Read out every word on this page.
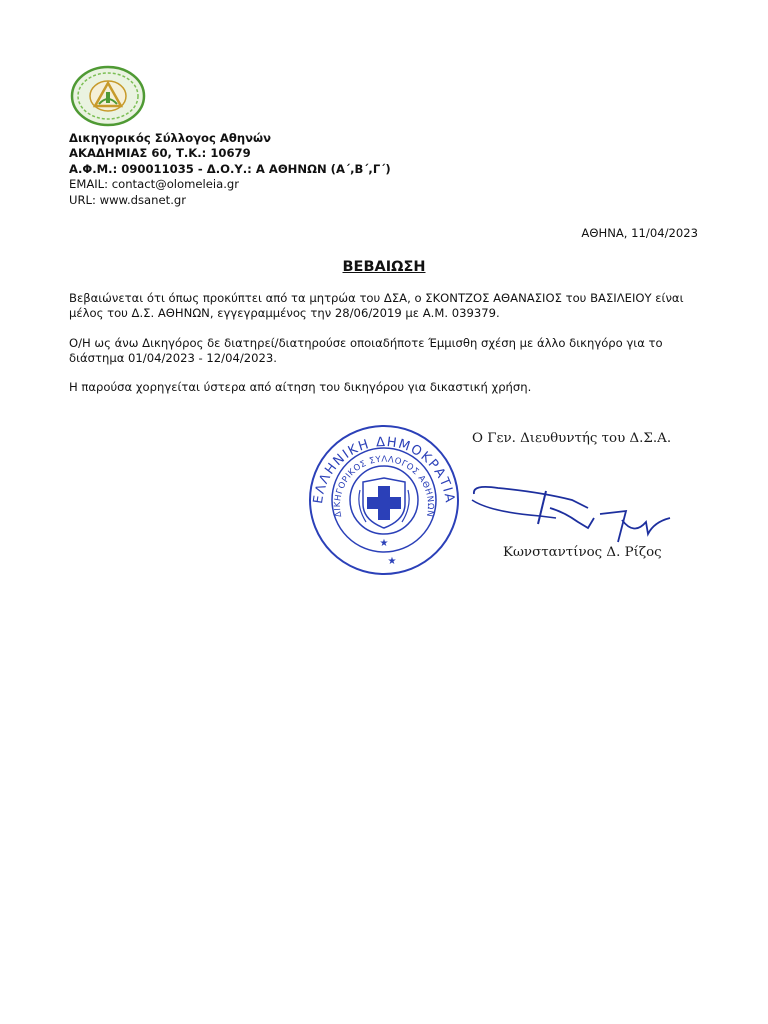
Δικηγορικός Σύλλογος Αθηνών
ΑΚΑΔΗΜΙΑΣ 60, Τ.Κ.: 10679
Α.Φ.Μ.: 090011035 - Δ.Ο.Υ.: Α ΑΘΗΝΩΝ (Α΄,Β΄,Γ΄)
EMAIL: contact@olomeleia.gr
URL: www.dsanet.gr
ΑΘΗΝΑ, 11/04/2023
ΒΕΒΑΙΩΣΗ
Βεβαιώνεται ότι όπως προκύπτει από τα μητρώα του ΔΣΑ, ο ΣΚΟΝΤΖΟΣ ΑΘΑΝΑΣΙΟΣ του ΒΑΣΙΛΕΙΟΥ είναι
μέλος του Δ.Σ. ΑΘΗΝΩΝ, εγγεγραμμένος την 28/06/2019 με Α.Μ. 039379.
Ο/Η ως άνω Δικηγόρος δε διατηρεί/διατηρούσε οποιαδήποτε Έμμισθη σχέση με άλλο δικηγόρο για το
διάστημα 01/04/2023 - 12/04/2023.
Η παρούσα χορηγείται ύστερα από αίτηση του δικηγόρου για δικαστική χρήση.
ΕΛΛΗΝΙΚΗ ΔΗΜΟΚΡΑΤΙΑ
ΔΙΚΗΓΟΡΙΚΟΣ ΣΥΛΛΟΓΟΣ ΑΘΗΝΩΝ
★
★
Ο Γεν. Διευθυντής του Δ.Σ.Α.
Κωνσταντίνος Δ. Ρίζος
